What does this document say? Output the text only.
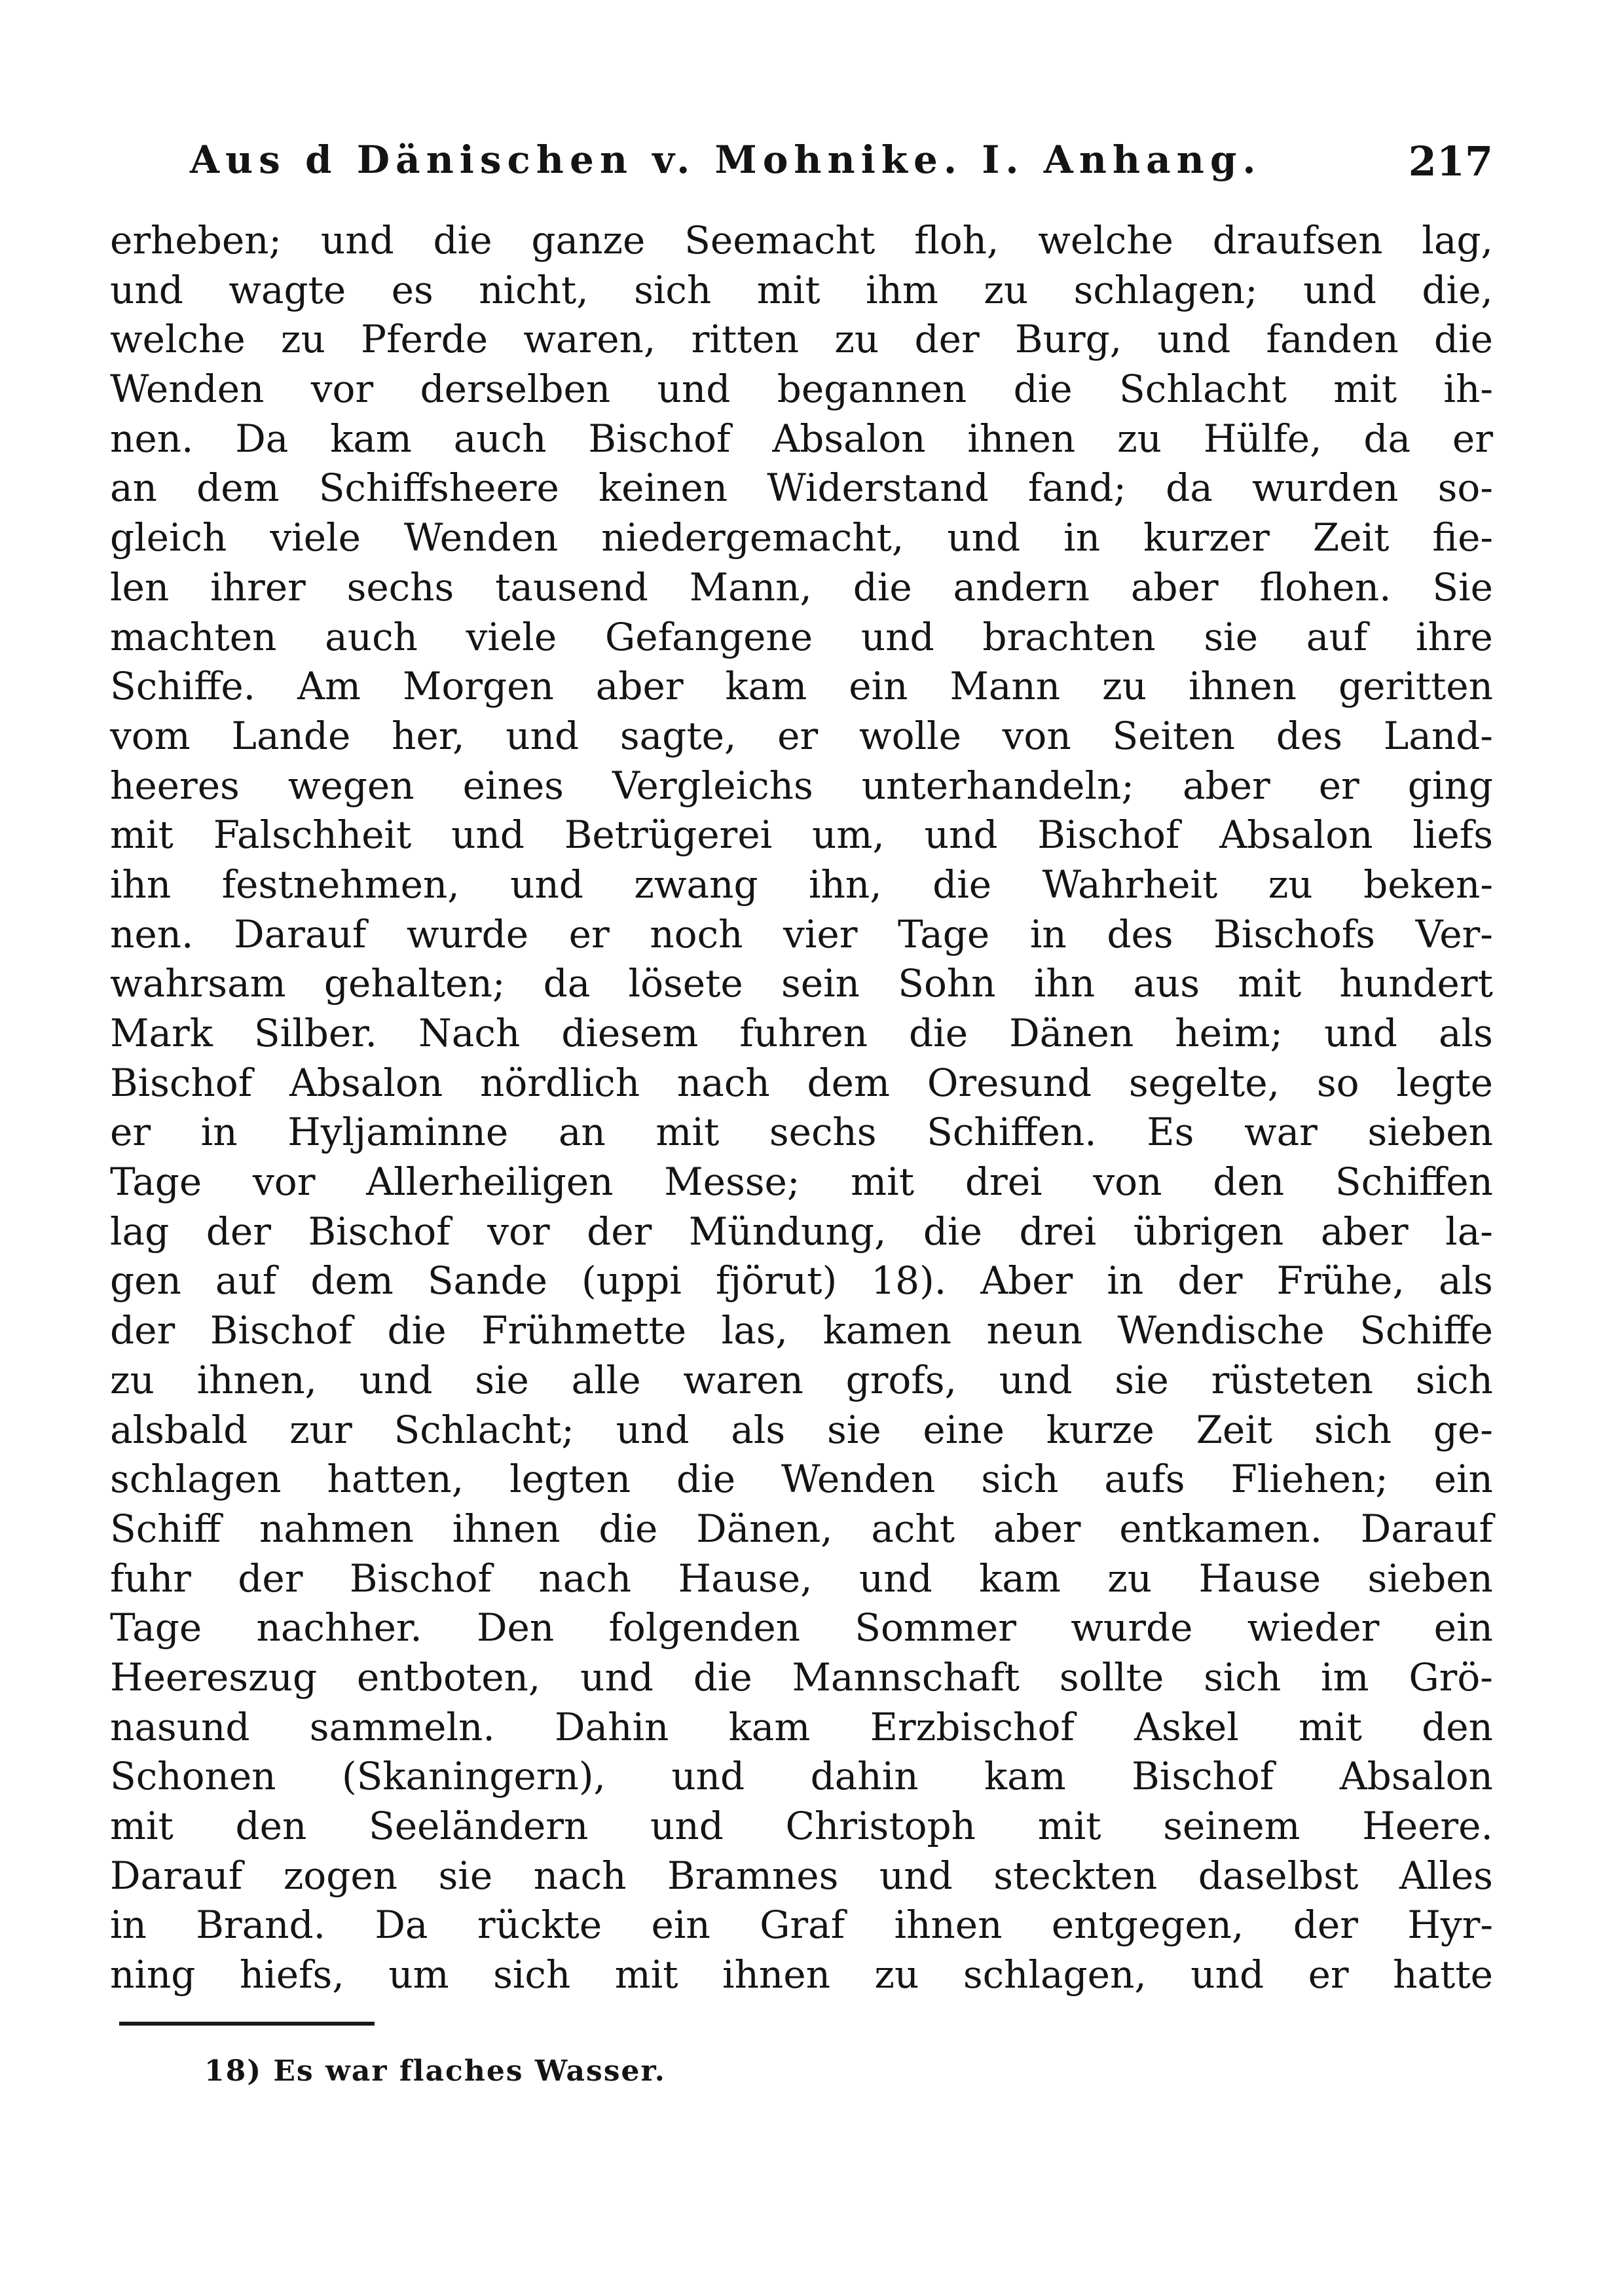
Aus d Dänischen v. Mohnike. I. Anhang.	217
erheben; und die ganze Seemacht floh, welche draufsen lag,
und wagte es nicht, sich mit ihm zu schlagen; und die,
welche zu Pferde waren, ritten zu der Burg, und fanden die
Wenden vor derselben und begannen die Schlacht mit ih-
nen. Da kam auch Bischof Absalon ihnen zu Hülfe, da er
an dem Schiffsheere keinen Widerstand fand; da wurden so-
gleich viele Wenden niedergemacht, und in kurzer Zeit fie-
len ihrer sechs tausend Mann, die andern aber flohen. Sie
machten auch viele Gefangene und brachten sie auf ihre
Schiffe. Am Morgen aber kam ein Mann zu ihnen geritten
vom Lande her, und sagte, er wolle von Seiten des Land-
heeres wegen eines Vergleichs unterhandeln; aber er ging
mit Falschheit und Betrügerei um, und Bischof Absalon liefs
ihn festnehmen, und zwang ihn, die Wahrheit zu beken-
nen. Darauf wurde er noch vier Tage in des Bischofs Ver-
wahrsam gehalten; da lösete sein Sohn ihn aus mit hundert
Mark Silber. Nach diesem fuhren die Dänen heim; und als
Bischof Absalon nördlich nach dem Oresund segelte, so legte
er in Hyljaminne an mit sechs Schiffen. Es war sieben
Tage vor Allerheiligen Messe; mit drei von den Schiffen
lag der Bischof vor der Mündung, die drei übrigen aber la-
gen auf dem Sande (uppi fjörut) 18). Aber in der Frühe, als
der Bischof die Frühmette las, kamen neun Wendische Schiffe
zu ihnen, und sie alle waren grofs, und sie rüsteten sich
alsbald zur Schlacht; und als sie eine kurze Zeit sich ge-
schlagen hatten, legten die Wenden sich aufs Fliehen; ein
Schiff nahmen ihnen die Dänen, acht aber entkamen. Darauf
fuhr der Bischof nach Hause, und kam zu Hause sieben
Tage nachher. Den folgenden Sommer wurde wieder ein
Heereszug entboten, und die Mannschaft sollte sich im Grö-
nasund sammeln. Dahin kam Erzbischof Askel mit den
Schonen (Skaningern), und dahin kam Bischof Absalon
mit den Seeländern und Christoph mit seinem Heere.
Darauf zogen sie nach Bramnes und steckten daselbst Alles
in Brand. Da rückte ein Graf ihnen entgegen, der Hyr-
ning hiefs, um sich mit ihnen zu schlagen, und er hatte
18) Es war flaches Wasser.
